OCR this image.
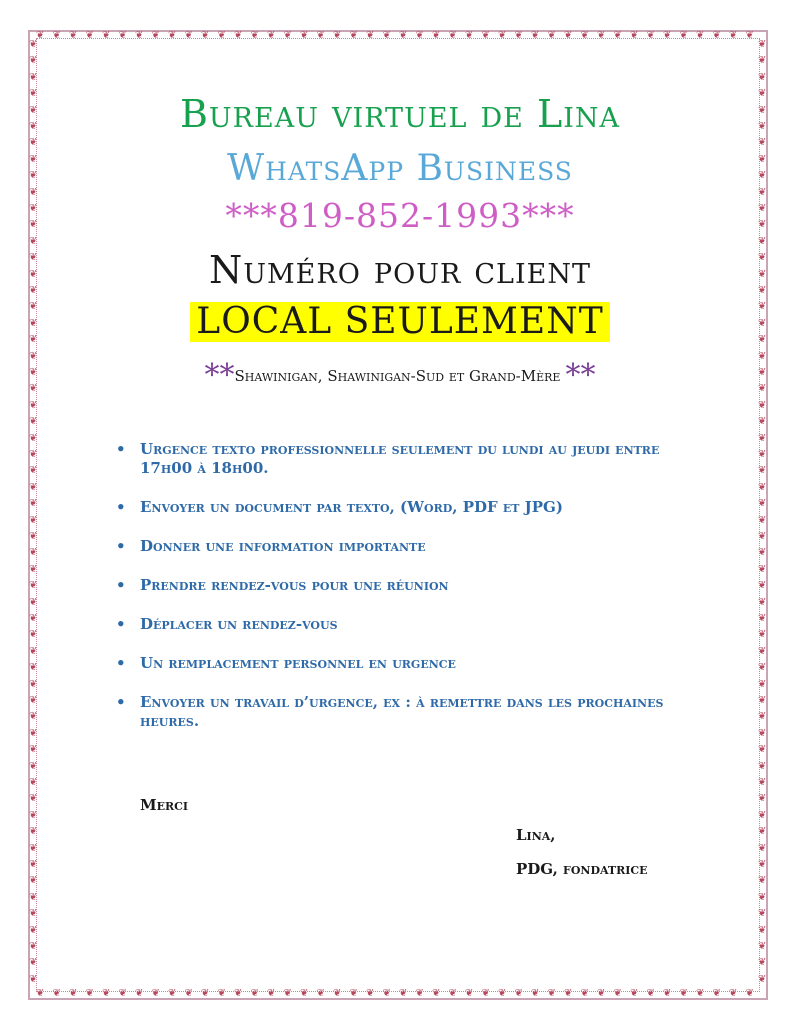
❦ ❦ ❦ ❦ ❦ ❦ ❦ ❦ ❦ ❦ ❦ ❦ ❦ ❦ ❦ ❦ ❦ ❦ ❦ ❦ ❦ ❦ ❦ ❦ ❦ ❦ ❦ ❦ ❦ ❦ ❦ ❦ ❦ ❦ ❦ ❦ ❦ ❦ ❦ ❦ ❦ ❦ ❦ ❦
❦ ❦ ❦ ❦ ❦ ❦ ❦ ❦ ❦ ❦ ❦ ❦ ❦ ❦ ❦ ❦ ❦ ❦ ❦ ❦ ❦ ❦ ❦ ❦ ❦ ❦ ❦ ❦ ❦ ❦ ❦ ❦ ❦ ❦ ❦ ❦ ❦ ❦ ❦ ❦ ❦ ❦ ❦ ❦
❦
❦
❦
❦
❦
❦
❦
❦
❦
❦
❦
❦
❦
❦
❦
❦
❦
❦
❦
❦
❦
❦
❦
❦
❦
❦
❦
❦
❦
❦
❦
❦
❦
❦
❦
❦
❦
❦
❦
❦
❦
❦
❦
❦
❦
❦
❦
❦
❦
❦
❦
❦
❦
❦
❦
❦
❦
❦
❦
❦
❦
❦
❦
❦
❦
❦
❦
❦
❦
❦
❦
❦
❦
❦
❦
❦
❦
❦
❦
❦
❦
❦
❦
❦
❦
❦
❦
❦
❦
❦
❦
❦
❦
❦
❦
❦
❦
❦
❦
❦
❦
❦
❦
❦
❦
❦
❦
❦
❦
❦
❦
❦
❦
❦
❦
❦
Bureau virtuel de Lina
WhatsApp Business
***819-852-1993***
Numéro pour client
LOCAL SEULEMENT
**Shawinigan, Shawinigan-Sud et Grand-Mère **
• Urgence texto professionnelle seulement du lundi au jeudi entre 17h00 à 18h00.
• Envoyer un document par texto, (Word, PDF et JPG)
• Donner une information importante
• Prendre rendez-vous pour une réunion
• Déplacer un rendez-vous
• Un remplacement personnel en urgence
• Envoyer un travail d’urgence, ex : à remettre dans les prochaines heures.
Merci
Lina,
PDG, fondatrice
